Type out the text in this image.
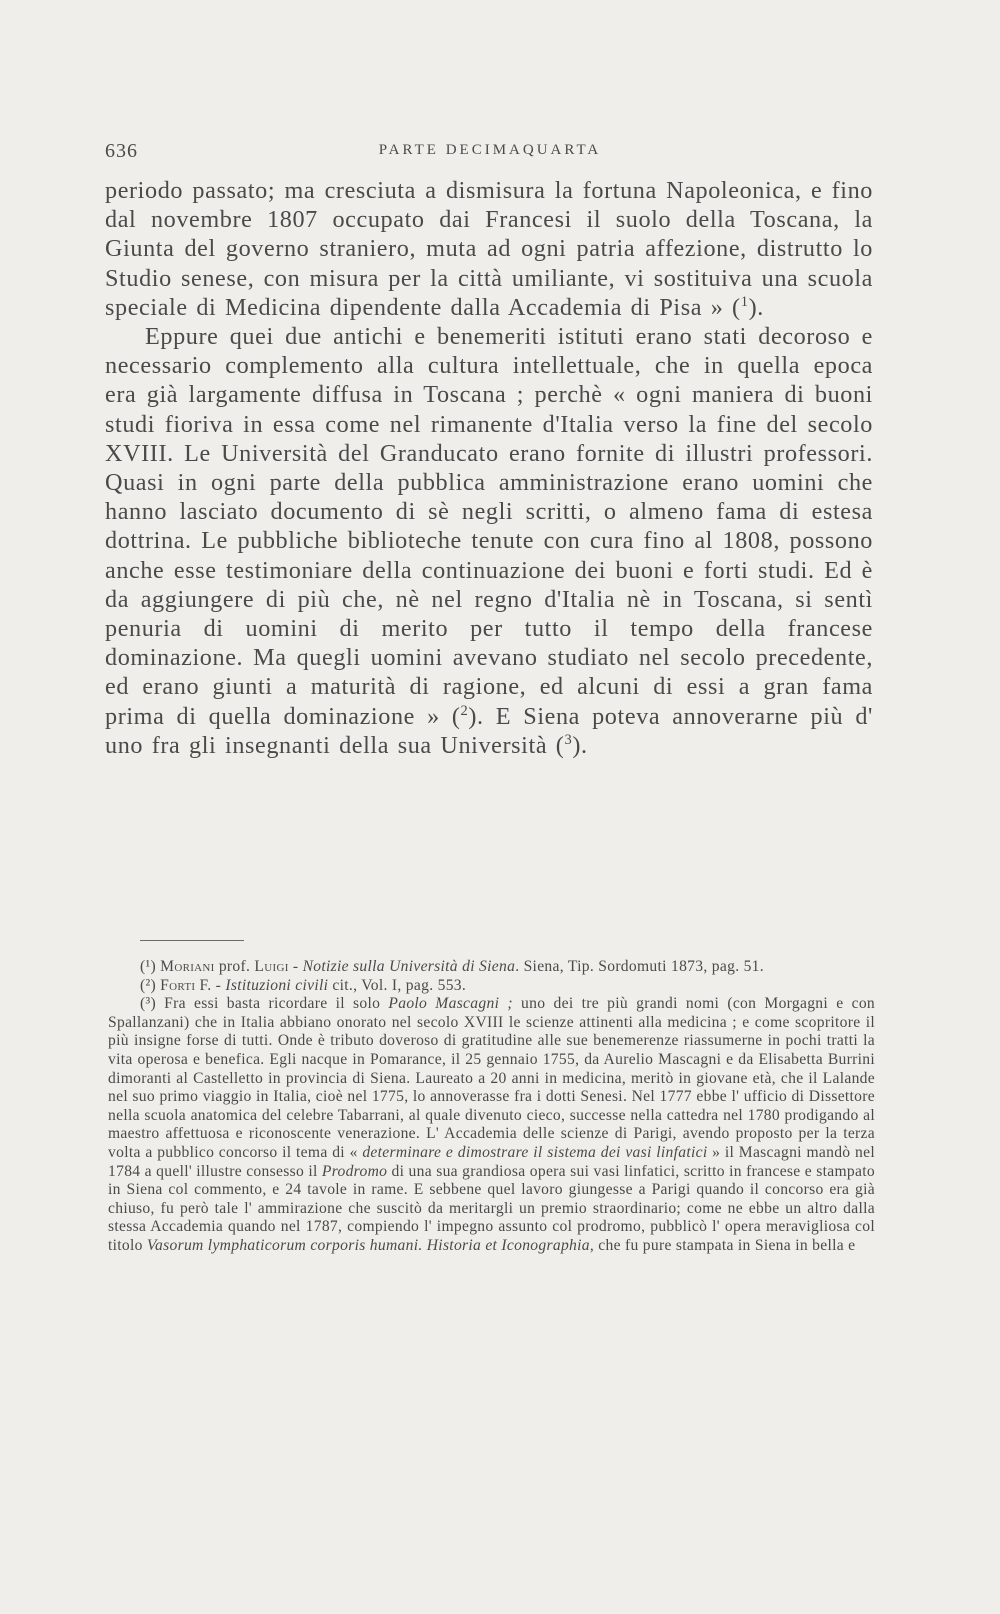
636	PARTE DECIMAQUARTA

periodo passato; ma cresciuta a dismisura la fortuna Napoleonica, e fino dal novembre 1807 occupato dai Francesi il suolo della Toscana, la Giunta del governo straniero, muta ad ogni patria affezione, distrutto lo Studio senese, con misura per la città umiliante, vi sostituiva una scuola speciale di Medicina dipendente dalla Accademia di Pisa » ($^1$).

Eppure quei due antichi e benemeriti istituti erano stati decoroso e necessario complemento alla cultura intellettuale, che in quella epoca era già largamente diffusa in Toscana ; perchè « ogni maniera di buoni studi fioriva in essa come nel rimanente d'Italia verso la fine del secolo XVIII. Le Università del Granducato erano fornite di illustri professori. Quasi in ogni parte della pubblica amministrazione erano uomini che hanno lasciato documento di sè negli scritti, o almeno fama di estesa dottrina. Le pubbliche biblioteche tenute con cura fino al 1808, possono anche esse testimoniare della continuazione dei buoni e forti studi. Ed è da aggiungere di più che, nè nel regno d'Italia nè in Toscana, si sentì penuria di uomini di merito per tutto il tempo della francese dominazione. Ma quegli uomini avevano studiato nel secolo precedente, ed erano giunti a maturità di ragione, ed alcuni di essi a gran fama prima di quella dominazione » ($^2$). E Siena poteva annoverarne più d' uno fra gli insegnanti della sua Università ($^3$).

(¹) Moriani prof. Luigi - Notizie sulla Università di Siena. Siena, Tip. Sordomuti 1873, pag. 51.

(²) Forti F. - Istituzioni civili cit., Vol. I, pag. 553.

(³) Fra essi basta ricordare il solo Paolo Mascagni ; uno dei tre più grandi nomi (con Morgagni e con Spallanzani) che in Italia abbiano onorato nel secolo XVIII le scienze attinenti alla medicina ; e come scopritore il più insigne forse di tutti. Onde è tributo doveroso di gratitudine alle sue benemerenze riassumerne in pochi tratti la vita operosa e benefica. Egli nacque in Pomarance, il 25 gennaio 1755, da Aurelio Mascagni e da Elisabetta Burrini dimoranti al Castelletto in provincia di Siena. Laureato a 20 anni in medicina, meritò in giovane età, che il Lalande nel suo primo viaggio in Italia, cioè nel 1775, lo annoverasse fra i dotti Senesi. Nel 1777 ebbe l' ufficio di Dissettore nella scuola anatomica del celebre Tabarrani, al quale divenuto cieco, successe nella cattedra nel 1780 prodigando al maestro affettuosa e riconoscente venerazione. L' Accademia delle scienze di Parigi, avendo proposto per la terza volta a pubblico concorso il tema di « determinare e dimostrare il sistema dei vasi linfatici » il Mascagni mandò nel 1784 a quell' illustre consesso il Prodromo di una sua grandiosa opera sui vasi linfatici, scritto in francese e stampato in Siena col commento, e 24 tavole in rame. E sebbene quel lavoro giungesse a Parigi quando il concorso era già chiuso, fu però tale l' ammirazione che suscitò da meritargli un premio straordinario; come ne ebbe un altro dalla stessa Accademia quando nel 1787, compiendo l' impegno assunto col prodromo, pubblicò l' opera meravigliosa col titolo Vasorum lymphaticorum corporis humani. Historia et Iconographia, che fu pure stampata in Siena in bella e
